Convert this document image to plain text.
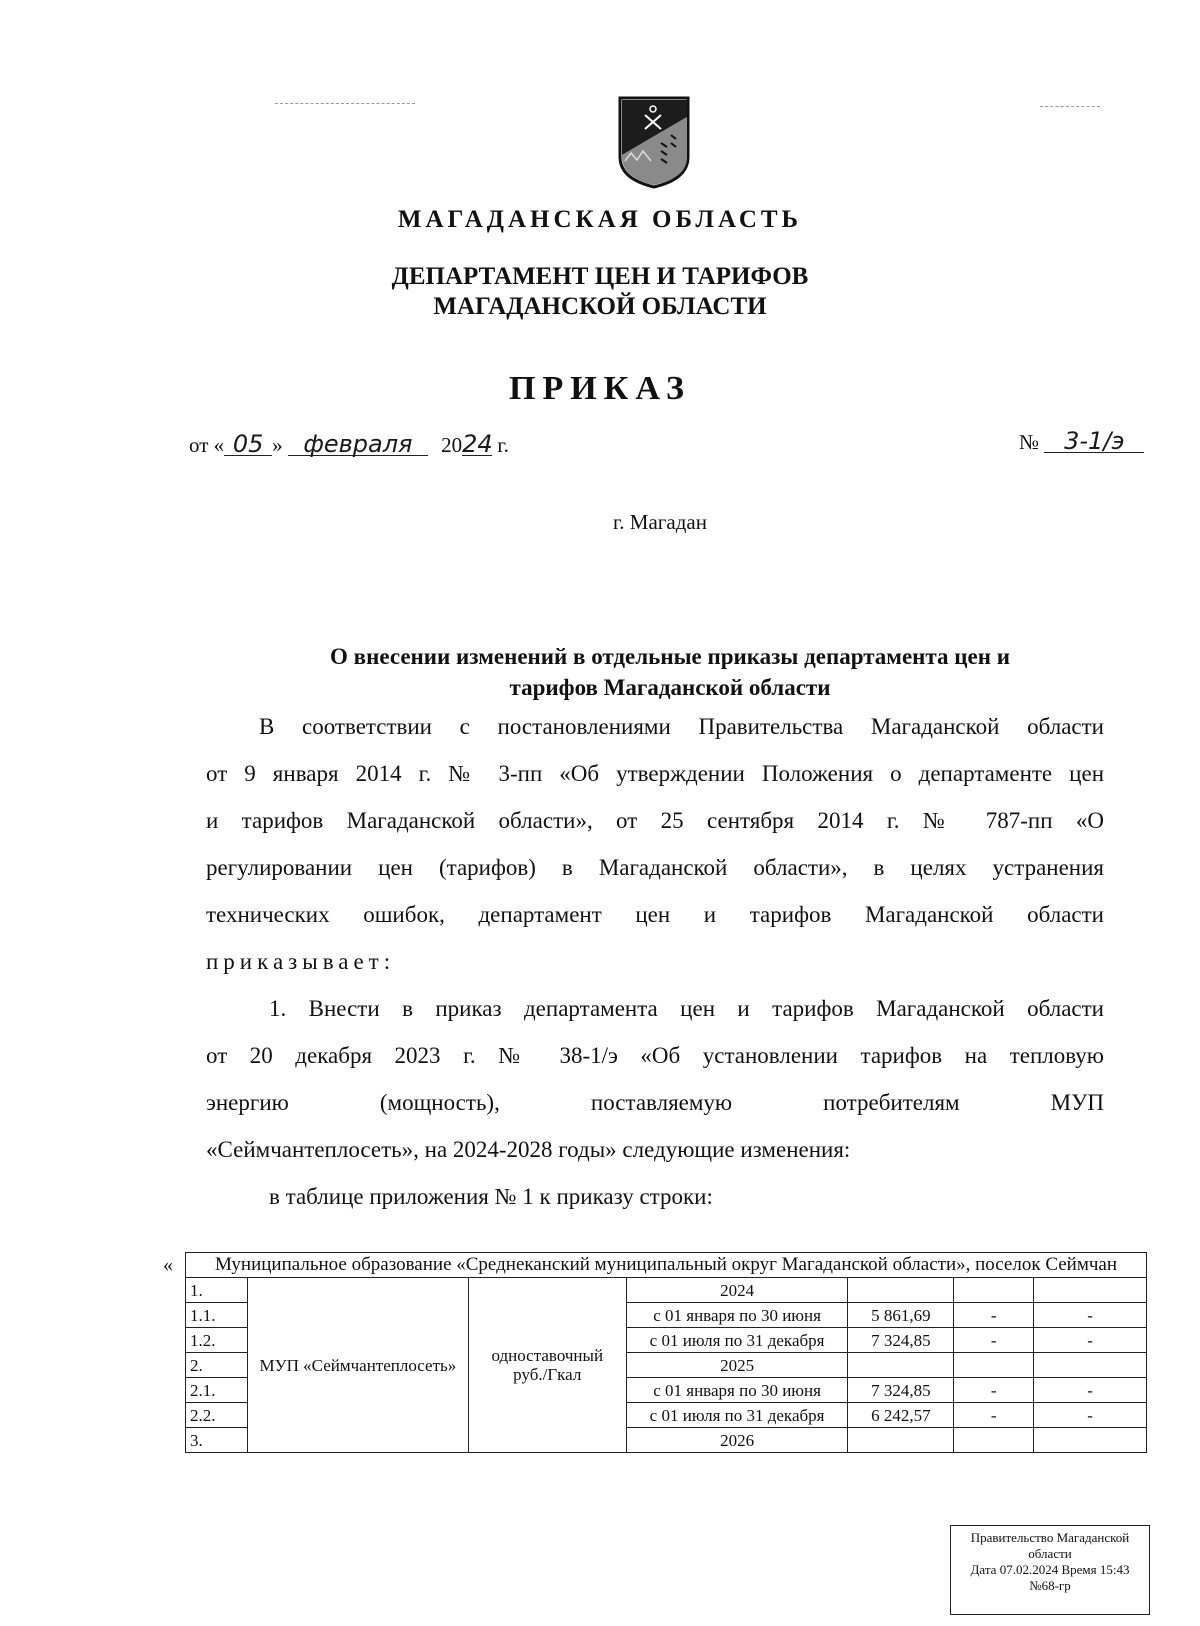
МАГАДАНСКАЯ ОБЛАСТЬ
ДЕПАРТАМЕНТ ЦЕН И ТАРИФОВ
МАГАДАНСКОЙ ОБЛАСТИ
ПРИКАЗ
от « 05 » февраля 2024 г.	№ 3-1/э
г. Магадан
О внесении изменений в отдельные приказы департамента цен и
тарифов Магаданской области
В соответствии с постановлениями Правительства Магаданской области
от 9 января 2014 г. № 3-пп «Об утверждении Положения о департаменте цен
и тарифов Магаданской области», от 25 сентября 2014 г. № 787-пп «О
регулировании цен (тарифов) в Магаданской области», в целях устранения
технических ошибок, департамент цен и тарифов Магаданской области
приказывает:
1. Внести в приказ департамента цен и тарифов Магаданской области
от 20 декабря 2023 г. № 38-1/э «Об установлении тарифов на тепловую
энергию (мощность), поставляемую потребителям МУП
«Сеймчантеплосеть», на 2024-2028 годы» следующие изменения:
в таблице приложения № 1 к приказу строки:
« Муниципальное образование «Среднеканский муниципальный округ Магаданской области», поселок Сеймчан						
1.	МУП «Сеймчантеплосеть»	одноставочный руб./Гкал	2024			
1.1.			с 01 января по 30 июня	5 861,69	-	-
1.2.			с 01 июля по 31 декабря	7 324,85	-	-
2.			2025			
2.1.			с 01 января по 30 июня	7 324,85	-	-
2.2.			с 01 июля по 31 декабря	6 242,57	-	-
3.			2026			
Правительство Магаданской
области
Дата 07.02.2024 Время 15:43
№68-гр
